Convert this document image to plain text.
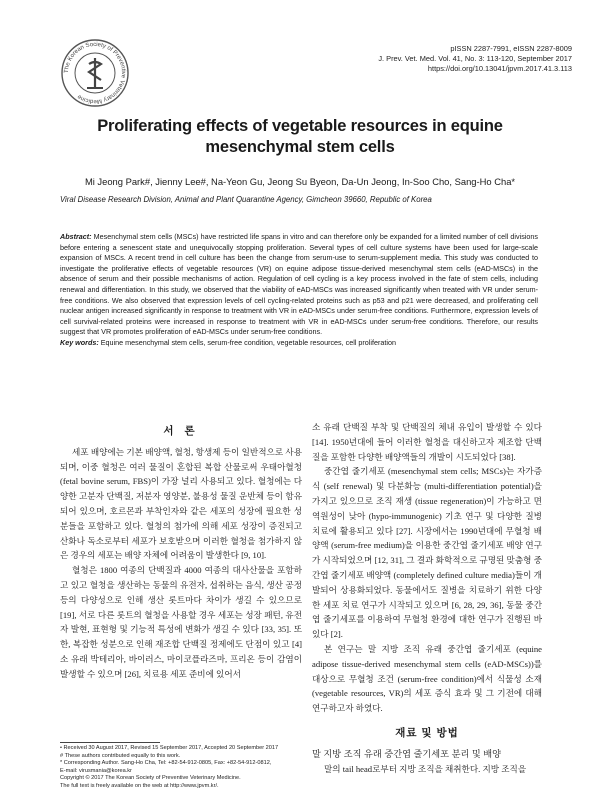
The Korean Society of Preventive Veterinary Medicine
pISSN 2287-7991, eISSN 2287-8009
J. Prev. Vet. Med. Vol. 41, No. 3: 113-120, September 2017
https://doi.org/10.13041/jpvm.2017.41.3.113
Proliferating effects of vegetable resources in equine
mesenchymal stem cells
Mi Jeong Park#, Jienny Lee#, Na-Yeon Gu, Jeong Su Byeon, Da-Un Jeong, In-Soo Cho, Sang-Ho Cha*
Viral Disease Research Division, Animal and Plant Quarantine Agency, Gimcheon 39660, Republic of Korea

Abstract: Mesenchymal stem cells (MSCs) have restricted life spans in vitro and can therefore only be expanded for a limited number of cell divisions before entering a senescent state and unequivocally stopping proliferation. Several types of cell culture systems have been used for large-scale expansion of MSCs. A recent trend in cell culture has been the change from serum-use to serum-supplement media. This study was conducted to investigate the proliferative effects of vegetable resources (VR) on equine adipose tissue-derived mesenchymal stem cells (eAD-MSCs) in the absence of serum and their possible mechanisms of action. Regulation of cell cycling is a key process involved in the fate of stem cells, including renewal and differentiation. In this study, we observed that the viability of eAD-MSCs was increased significantly when treated with VR under serum-free conditions. We also observed that expression levels of cell cycling-related proteins such as p53 and p21 were decreased, and proliferating cell nuclear antigen increased significantly in response to treatment with VR in eAD-MSCs under serum-free conditions. Furthermore, expression levels of cell survival-related proteins were increased in response to treatment with VR in eAD-MSCs under serum-free conditions. Therefore, our results suggest that VR promotes proliferation of eAD-MSCs under serum-free conditions.

Key words: Equine mesenchymal stem cells, serum-free condition, vegetable resources, cell proliferation

서 론

세포 배양에는 기본 배양액, 혈청, 항생제 등이 일반적으로 사용되며, 이중 혈청은 여러 물질이 혼합된 복합 산물로써 우태아혈청 (fetal bovine serum, FBS)이 가장 널리 사용되고 있다. 혈청에는 다양한 고분자 단백질, 저분자 영양분, 불용성 물질 운반체 등이 함유되어 있으며, 호르몬과 부착인자와 같은 세포의 성장에 필요한 성분들을 포함하고 있다. 혈청의 첨가에 의해 세포 성장이 증진되고 산화나 독소로부터 세포가 보호받으며 이러한 혈청을 첨가하지 않은 경우의 세포는 배양 자체에 어려움이 발생한다 [9, 10].

혈청은 1800 여종의 단백질과 4000 여종의 대사산물을 포함하고 있고 혈청을 생산하는 동물의 유전자, 섭취하는 음식, 생산 공정 등의 다양성으로 인해 생산 롯트마다 차이가 생길 수 있으므로 [19], 서로 다른 롯트의 혈청을 사용할 경우 세포는 성장 패턴, 유전자 발현, 표현형 및 기능적 특성에 변화가 생길 수 있다 [33, 35]. 또한, 복잡한 성분으로 인해 재조합 단백질 정제에도 단점이 있고 [4] 소 유래 박테리아, 바이러스, 마이코플라즈마, 프리온 등이 감염이 발생할 수 있으며 [26], 치료용 세포 준비에 있어서

소 유래 단백질 부착 및 단백질의 체내 유입이 발생할 수 있다 [14]. 1950년대에 들어 이러한 혈청을 대신하고자 제조합 단백질을 포함한 다양한 배양액들의 개발이 시도되었다 [38].

중간엽 줄기세포 (mesenchymal stem cells; MSCs)는 자가증식 (self renewal) 및 다분화능 (multi-differentiation potential)을 가지고 있으므로 조직 재생 (tissue regeneration)이 가능하고 면역원성이 낮아 (hypo-immunogenic) 기초 연구 및 다양한 질병 치료에 활용되고 있다 [27]. 시장에서는 1990년대에 무혈청 배양액 (serum-free medium)을 이용한 중간엽 줄기세포 배양 연구가 시작되었으며 [12, 31], 그 결과 화학적으로 규명된 맞춤형 중간엽 줄기세포 배양액 (completely defined culture media)들이 개발되어 상용화되었다. 동물에서도 질병을 치료하기 위한 다양한 세포 치료 연구가 시작되고 있으며 [6, 28, 29, 36], 동물 중간엽 줄기세포를 이용하여 무혈청 환경에 대한 연구가 진행된 바 있다 [2].

본 연구는 말 지방 조직 유래 중간엽 줄기세포 (equine adipose tissue-derived mesenchymal stem cells (eAD-MSCs))를 대상으로 무혈청 조건 (serum-free condition)에서 식물성 소재 (vegetable resources, VR)의 세포 증식 효과 및 그 기전에 대해 연구하고자 하였다.

재료 및 방법
말 지방 조직 유래 중간엽 줄기세포 분리 및 배양

말의 tail head로부터 지방 조직을 채취한다. 지방 조직을

• Received 30 August 2017, Revised 15 September 2017, Accepted 20 September 2017
# These authors contributed equally to this work.
* Corresponding Author. Sang-Ho Cha, Tel: +82-54-912-0805, Fax: +82-54-912-0812,
E-mail: virusmania@korea.kr
Copyright © 2017 The Korean Society of Preventive Veterinary Medicine.
The full text is freely available on the web at http://www.jpvm.kr/.
